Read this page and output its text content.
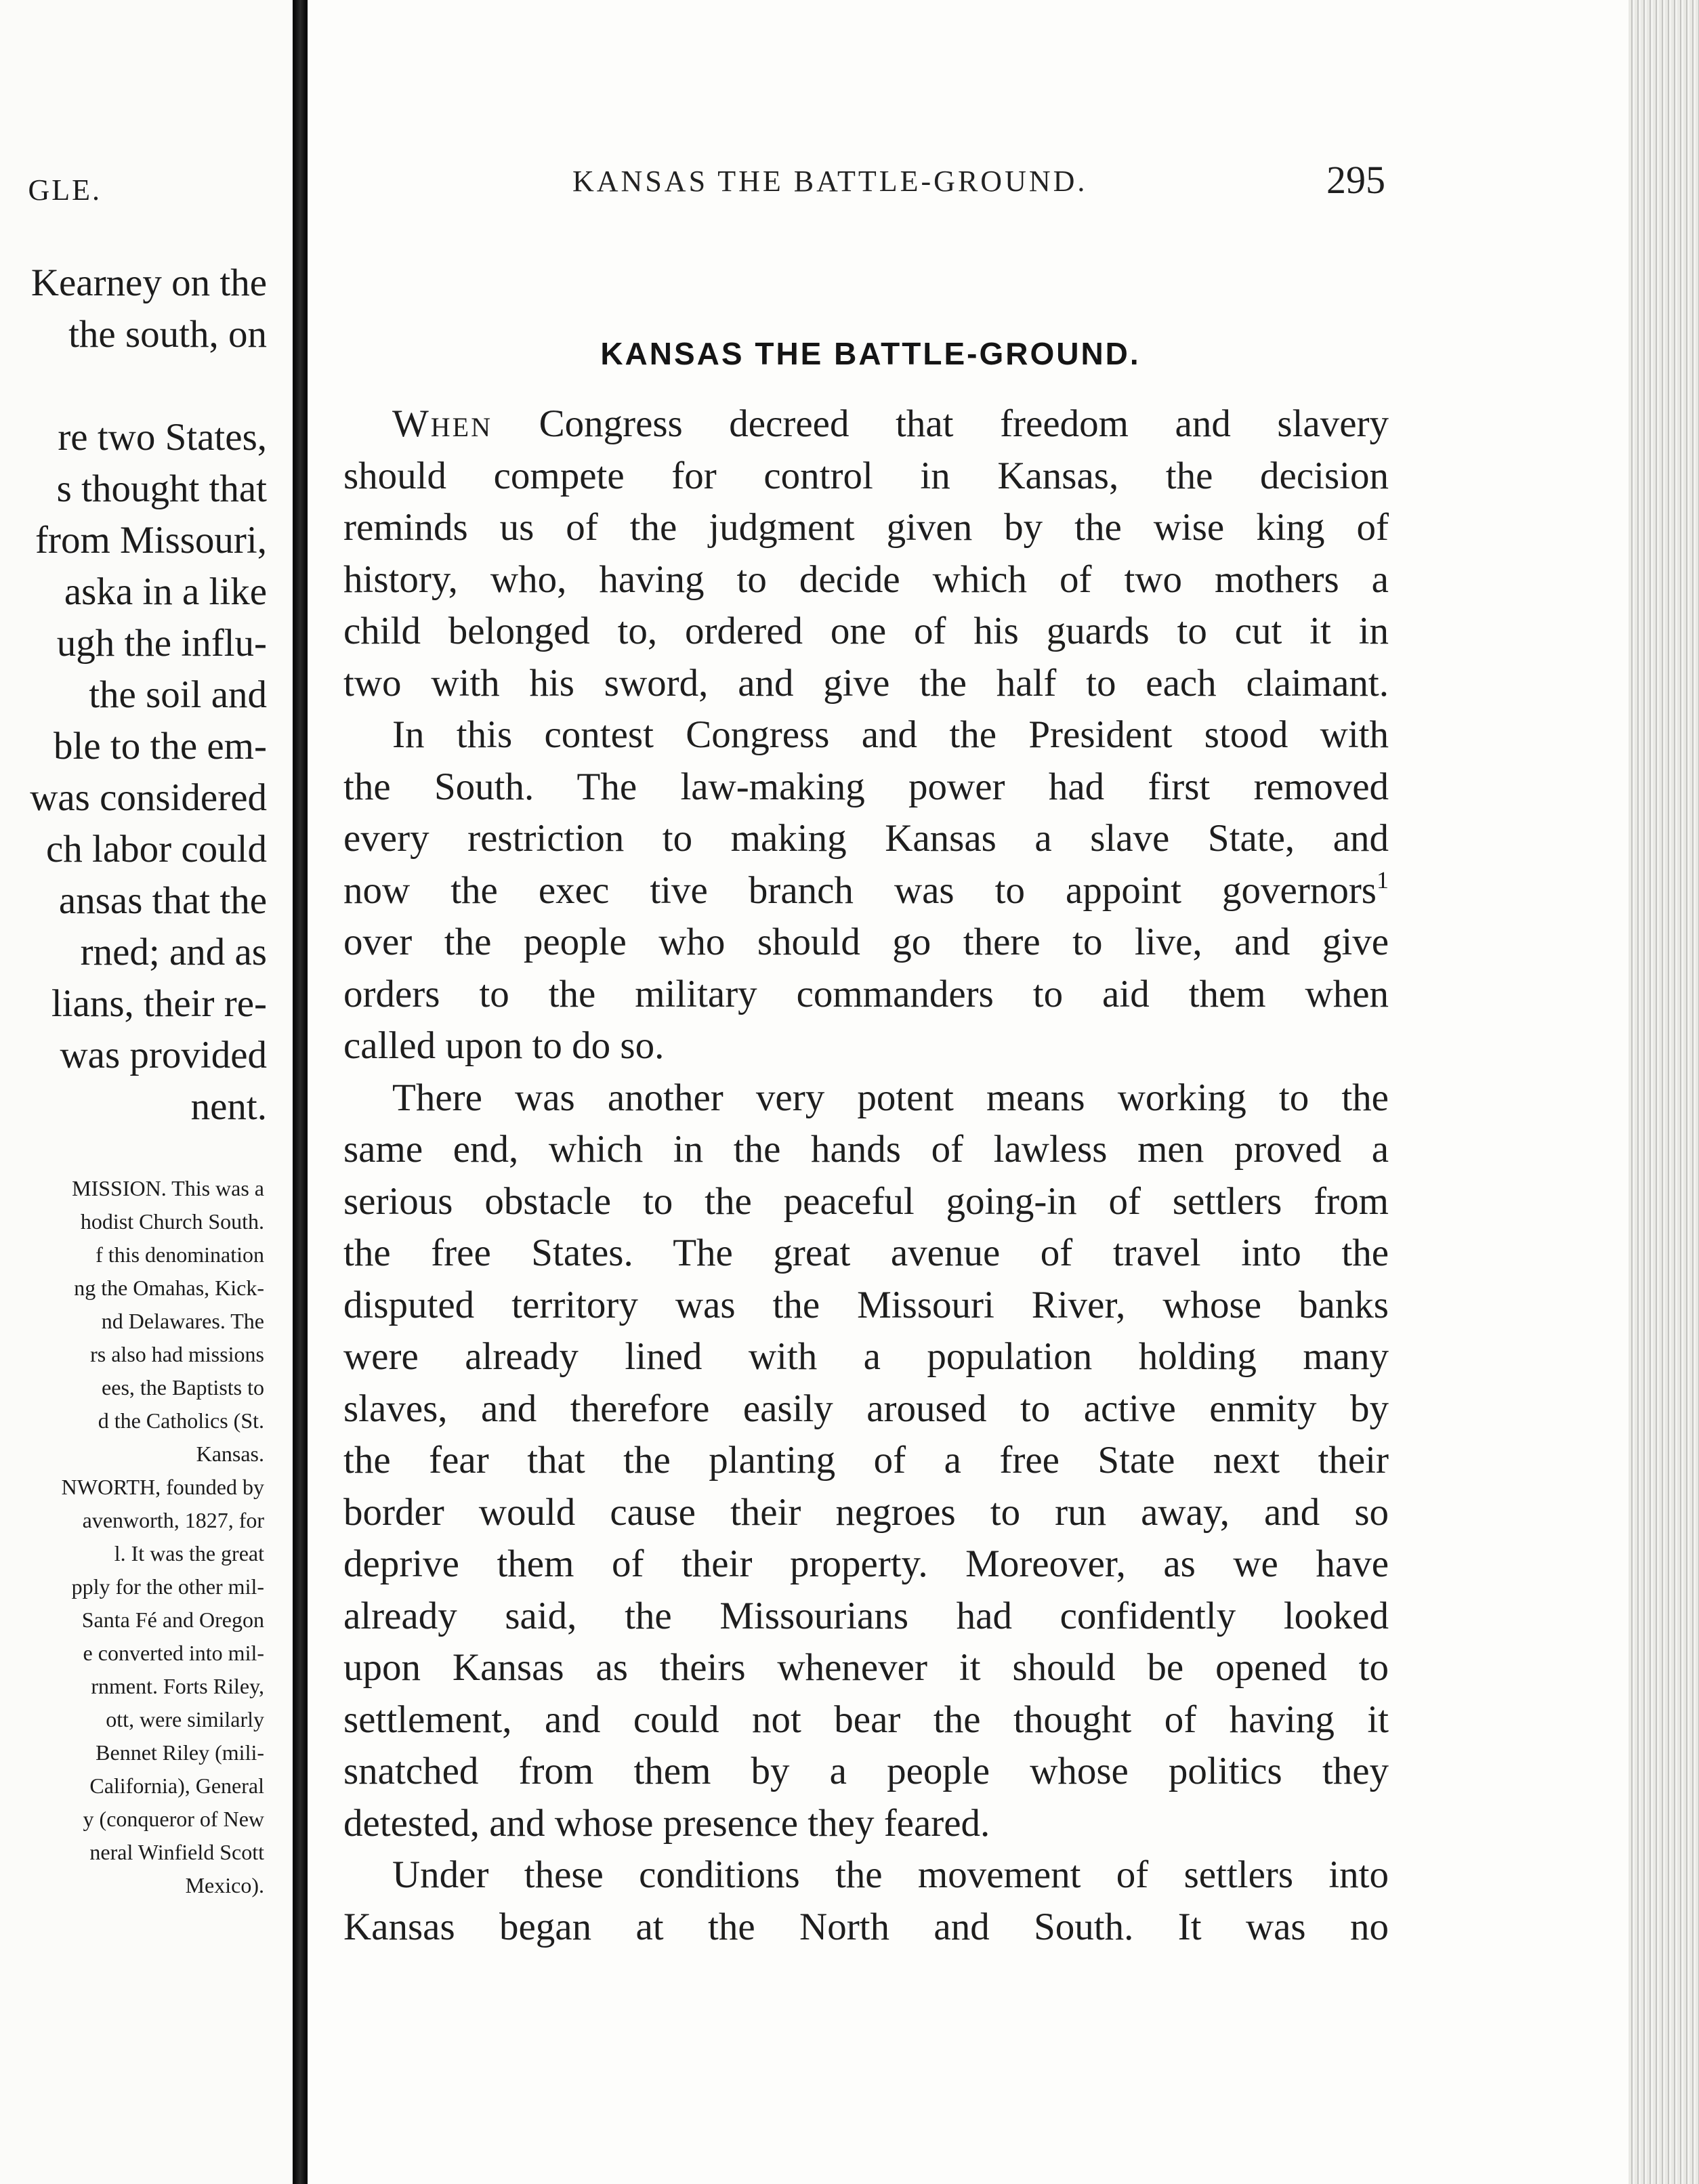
GLE.
Kearney on the
the south, on

re two States,
s thought that
from Missouri,
aska in a like
ugh the influ-
the soil and
ble to the em-
was considered
ch labor could
ansas that the
rned; and as
lians, their re-
was provided
nent.
MISSION. This was a
hodist Church South.
f this denomination
ng the Omahas, Kick-
nd Delawares. The
rs also had missions
ees, the Baptists to
d the Catholics (St.
Kansas.
NWORTH, founded by
avenworth, 1827, for
l. It was the great
pply for the other mil-
Santa Fé and Oregon
e converted into mil-
rnment. Forts Riley,
ott, were similarly
Bennet Riley (mili-
California), General
y (conqueror of New
neral Winfield Scott
Mexico).
KANSAS THE BATTLE-GROUND.	295
KANSAS THE BATTLE-GROUND.
When Congress decreed that freedom and slavery
should compete for control in Kansas, the decision
reminds us of the judgment given by the wise king of
history, who, having to decide which of two mothers a
child belonged to, ordered one of his guards to cut it in
two with his sword, and give the half to each claimant.
In this contest Congress and the President stood with
the South. The law-making power had first removed
every restriction to making Kansas a slave State, and
now the exec tive branch was to appoint governors$^1$
over the people who should go there to live, and give
orders to the military commanders to aid them when
called upon to do so.
There was another very potent means working to the
same end, which in the hands of lawless men proved a
serious obstacle to the peaceful going-in of settlers from
the free States. The great avenue of travel into the
disputed territory was the Missouri River, whose banks
were already lined with a population holding many
slaves, and therefore easily aroused to active enmity by
the fear that the planting of a free State next their
border would cause their negroes to run away, and so
deprive them of their property. Moreover, as we have
already said, the Missourians had confidently looked
upon Kansas as theirs whenever it should be opened to
settlement, and could not bear the thought of having it
snatched from them by a people whose politics they
detested, and whose presence they feared.
Under these conditions the movement of settlers into
Kansas began at the North and South. It was no
